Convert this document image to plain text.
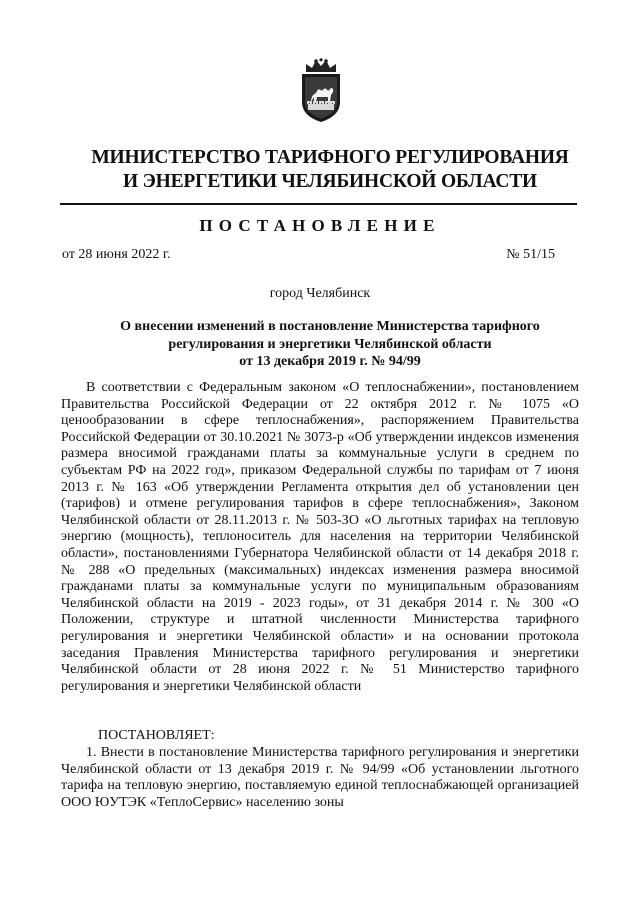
МИНИСТЕРСТВО ТАРИФНОГО РЕГУЛИРОВАНИЯ
И ЭНЕРГЕТИКИ ЧЕЛЯБИНСКОЙ ОБЛАСТИ
ПОСТАНОВЛЕНИЕ
от 28 июня 2022 г.	№ 51/15
город Челябинск
О внесении изменений в постановление Министерства тарифного
регулирования и энергетики Челябинской области
от 13 декабря 2019 г. № 94/99

В соответствии с Федеральным законом «О теплоснабжении», постановлением Правительства Российской Федерации от 22 октября 2012 г. № 1075 «О ценообразовании в сфере теплоснабжения», распоряжением Правительства Российской Федерации от 30.10.2021 № 3073-р «Об утверждении индексов изменения размера вносимой гражданами платы за коммунальные услуги в среднем по субъектам РФ на 2022 год», приказом Федеральной службы по тарифам от 7 июня 2013 г. № 163 «Об утверждении Регламента открытия дел об установлении цен (тарифов) и отмене регулирования тарифов в сфере теплоснабжения», Законом Челябинской области от 28.11.2013 г. № 503-ЗО «О льготных тарифах на тепловую энергию (мощность), теплоноситель для населения на территории Челябинской области», постановлениями Губернатора Челябинской области от 14 декабря 2018 г. № 288 «О предельных (максимальных) индексах изменения размера вносимой гражданами платы за коммунальные услуги по муниципальным образованиям Челябинской области на 2019 - 2023 годы», от 31 декабря 2014 г. № 300 «О Положении, структуре и штатной численности Министерства тарифного регулирования и энергетики Челябинской области» и на основании протокола заседания Правления Министерства тарифного регулирования и энергетики Челябинской области от 28 июня 2022 г. № 51 Министерство тарифного регулирования и энергетики Челябинской области

ПОСТАНОВЛЯЕТ:

1. Внести в постановление Министерства тарифного регулирования и энергетики Челябинской области от 13 декабря 2019 г. № 94/99 «Об установлении льготного тарифа на тепловую энергию, поставляемую единой теплоснабжающей организацией ООО ЮУТЭК «ТеплоСервис» населению зоны
